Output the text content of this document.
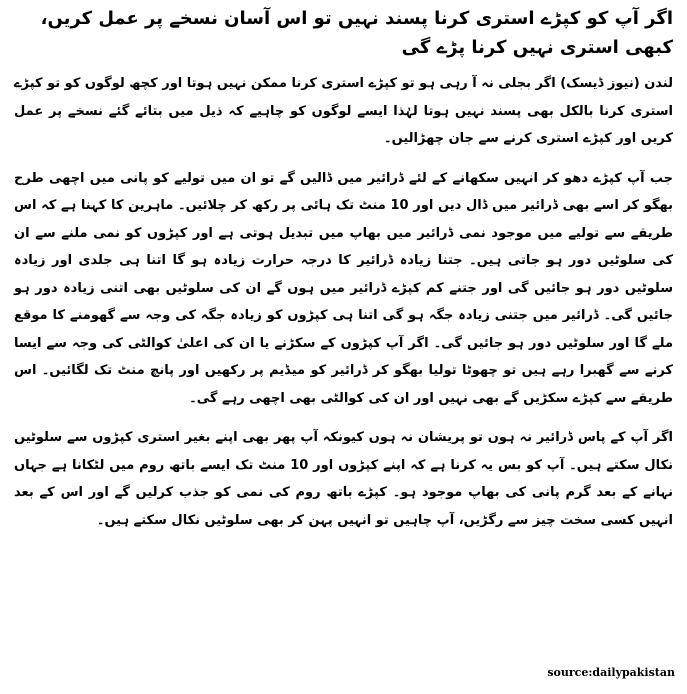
اگر آپ کو کپڑے استری کرنا پسند نہیں تو اس آسان نسخے پر عمل کریں، کبھی استری نہیں کرنا پڑے گی

لندن (نیوز ڈیسک) اگر بجلی نہ آ رہی ہو تو کپڑے استری کرنا ممکن نہیں ہوتا اور کچھ لوگوں کو تو کپڑے استری کرنا بالکل بھی پسند نہیں ہوتا لہٰذا ایسے لوگوں کو چاہیے کہ ذیل میں بتائے گئے نسخے پر عمل کریں اور کپڑے استری کرنے سے جان چھڑالیں۔

جب آپ کپڑے دھو کر انہیں سکھانے کے لئے ڈرائیر میں ڈالیں گے تو ان میں تولیے کو پانی میں اچھی طرح بھگو کر اسے بھی ڈرائیر میں ڈال دیں اور 10 منٹ تک ہائی پر رکھ کر چلائیں۔ ماہرین کا کہنا ہے کہ اس طریقے سے تولیے میں موجود نمی ڈرائیر میں بھاپ میں تبدیل ہوتی ہے اور کپڑوں کو نمی ملنے سے ان کی سلوٹیں دور ہو جاتی ہیں۔ جتنا زیادہ ڈرائیر کا درجہ حرارت زیادہ ہو گا اتنا ہی جلدی اور زیادہ سلوٹیں دور ہو جائیں گی اور جتنے کم کپڑے ڈرائیر میں ہوں گے ان کی سلوٹیں بھی اتنی زیادہ دور ہو جائیں گی۔ ڈرائیر میں جتنی زیادہ جگہ ہو گی اتنا ہی کپڑوں کو زیادہ جگہ کی وجہ سے گھومنے کا موقع ملے گا اور سلوٹیں دور ہو جائیں گی۔ اگر آپ کپڑوں کے سکڑنے یا ان کی اعلیٰ کوالٹی کی وجہ سے ایسا کرنے سے گھبرا رہے ہیں تو چھوٹا تولیا بھگو کر ڈرائیر کو میڈیم پر رکھیں اور پانچ منٹ تک لگائیں۔ اس طریقے سے کپڑے سکڑیں گے بھی نہیں اور ان کی کوالٹی بھی اچھی رہے گی۔

اگر آپ کے پاس ڈرائیر نہ ہوں تو پریشان نہ ہوں کیونکہ آپ پھر بھی اپنے بغیر استری کپڑوں سے سلوٹیں نکال سکتے ہیں۔ آپ کو بس یہ کرنا ہے کہ اپنے کپڑوں اور 10 منٹ تک ایسے باتھ روم میں لٹکانا ہے جہاں نہانے کے بعد گرم پانی کی بھاپ موجود ہو۔ کپڑے باتھ روم کی نمی کو جذب کرلیں گے اور اس کے بعد انہیں کسی سخت چیز سے رگڑیں، آپ چاہیں تو انہیں پہن کر بھی سلوٹیں نکال سکتے ہیں۔

source:dailypakistan
